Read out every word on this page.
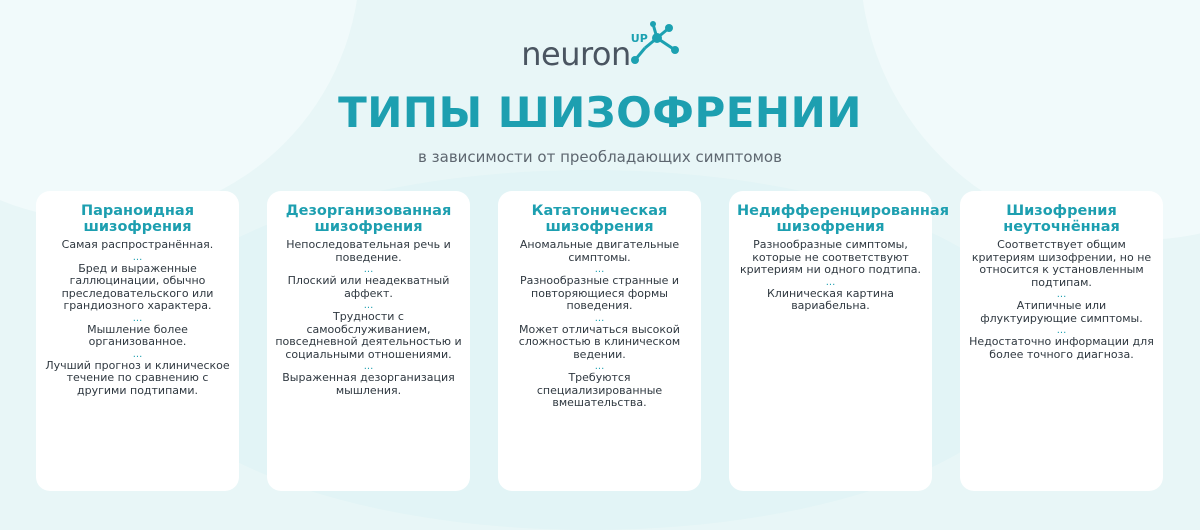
neuron UP
ТИПЫ ШИЗОФРЕНИИ
в зависимости от преобладающих симптомов
Параноидная
шизофрения

Самая распространённая.

...

Бред и выраженные галлюцинации, обычно преследовательского или грандиозного характера.

...

Мышление более организованное.

...

Лучший прогноз и клиническое течение по сравнению с другими подтипами.

Дезорганизованная
шизофрения

Непоследовательная речь и поведение.

...

Плоский или неадекватный аффект.

...

Трудности с самообслуживанием, повседневной деятельностью и социальными отношениями.

...

Выраженная дезорганизация мышления.

Кататоническая
шизофрения

Аномальные двигательные симптомы.

...

Разнообразные странные и повторяющиеся формы поведения.

...

Может отличаться высокой сложностью в клиническом ведении.

...

Требуются специализированные вмешательства.

Недифференцированная
шизофрения

Разнообразные симптомы, которые не соответствуют критериям ни одного подтипа.

...

Клиническая картина вариабельна.

Шизофрения
неуточнённая

Соответствует общим критериям шизофрении, но не относится к установленным подтипам.

...

Атипичные или флуктуирующие симптомы.

...

Недостаточно информации для более точного диагноза.
